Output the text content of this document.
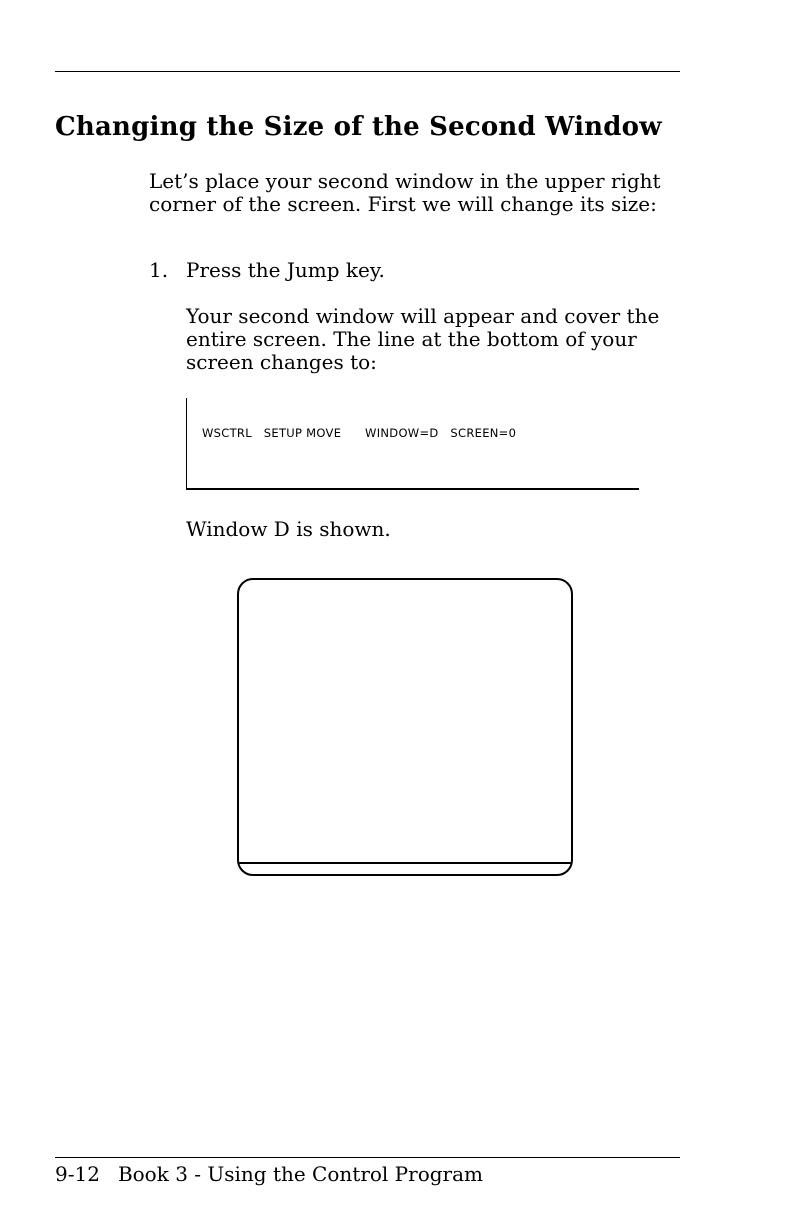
Changing the Size of the Second Window

Let’s place your second window in the upper right corner of the screen. First we will change its size:

1. Press the Jump key.

Your second window will appear and cover the entire screen. The line at the bottom of your screen changes to:

WSCTRL   SETUP MOVE      WINDOW=D   SCREEN=0

Window D is shown.

9-12 Book 3 - Using the Control Program
